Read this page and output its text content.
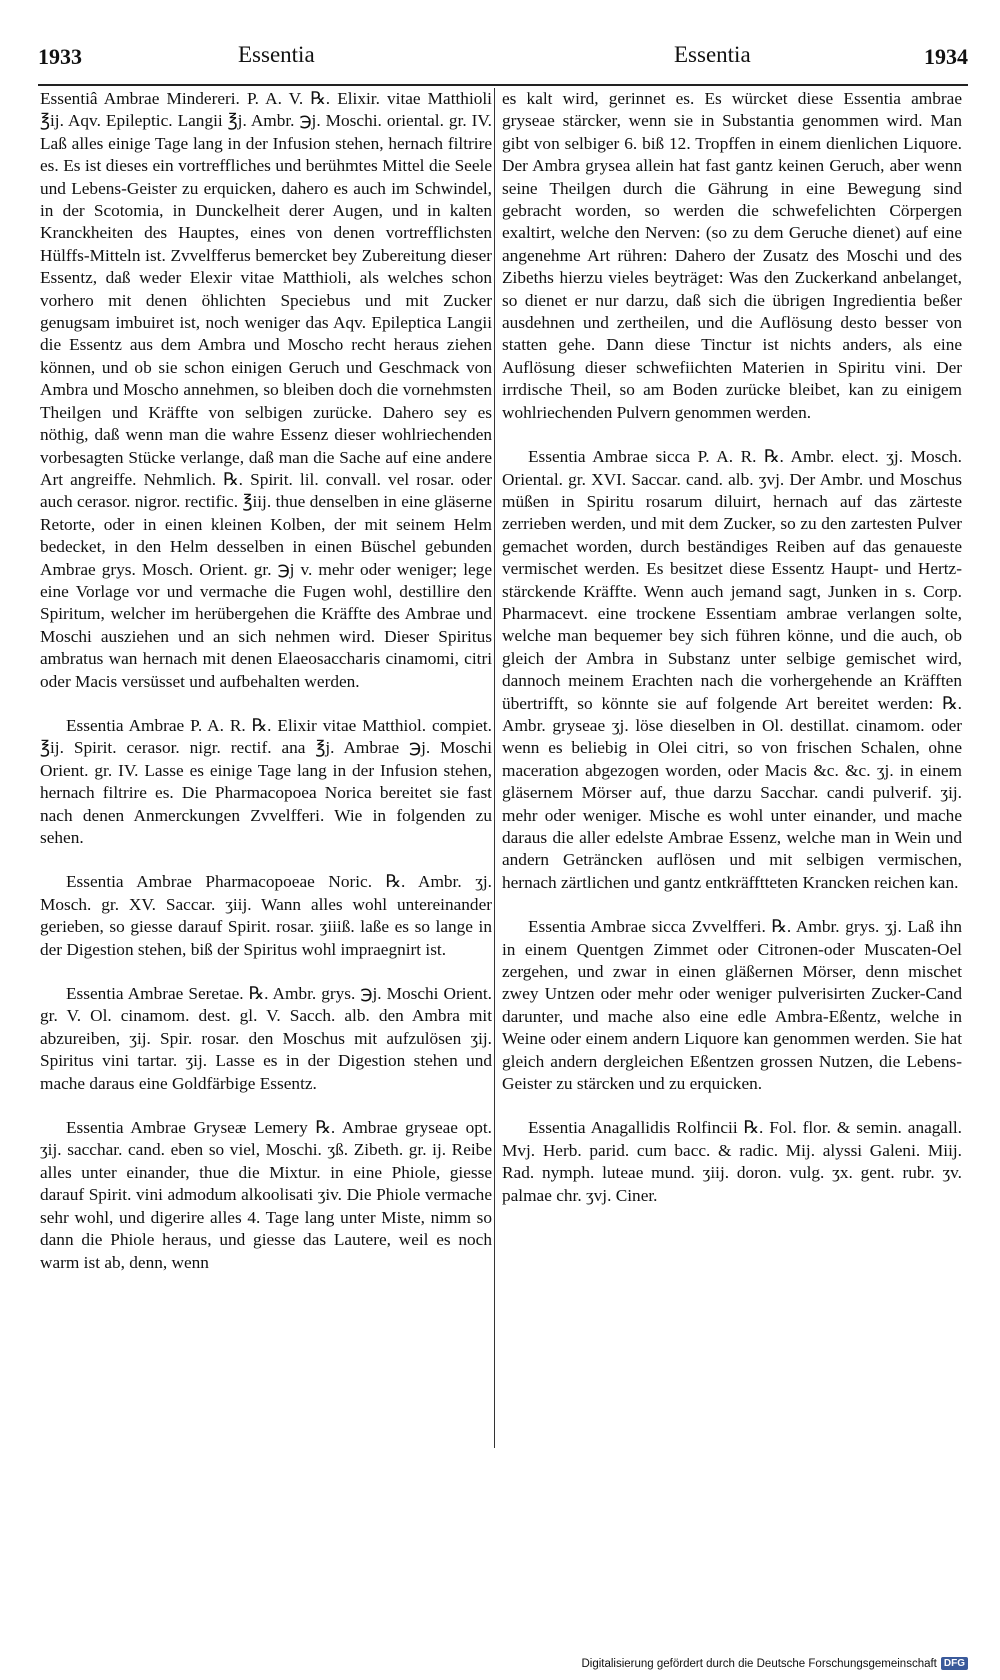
1933	Essentia	Essentia	1934

Essentiâ Ambrae Mindereri. P. A. V. ℞. Elixir. vitae Matthioli ℥ij. Aqv. Epileptic. Langii ℥j. Ambr. ℈j. Moschi. oriental. gr. IV. Laß alles einige Tage lang in der Infusion stehen, hernach filtrire es. Es ist dieses ein vortreffliches und berühmtes Mittel die Seele und Lebens-Geister zu erquicken, dahero es auch im Schwindel, in der Scotomia, in Dunckelheit derer Augen, und in kalten Kranckheiten des Hauptes, eines von denen vortrefflichsten Hülffs-Mitteln ist. Zvvelfferus bemercket bey Zubereitung dieser Essentz, daß weder Elexir vitae Matthioli, als welches schon vorhero mit denen öhlichten Speciebus und mit Zucker genugsam imbuiret ist, noch weniger das Aqv. Epileptica Langii die Essentz aus dem Ambra und Moscho recht heraus ziehen können, und ob sie schon einigen Geruch und Geschmack von Ambra und Moscho annehmen, so bleiben doch die vornehmsten Theilgen und Kräffte von selbigen zurücke. Dahero sey es nöthig, daß wenn man die wahre Essenz dieser wohlriechenden vorbesagten Stücke verlange, daß man die Sache auf eine andere Art angreiffe. Nehmlich. ℞. Spirit. lil. convall. vel rosar. oder auch cerasor. nigror. rectific. ℥iij. thue denselben in eine gläserne Retorte, oder in einen kleinen Kolben, der mit seinem Helm bedecket, in den Helm desselben in einen Büschel gebunden Ambrae grys. Mosch. Orient. gr. ℈j v. mehr oder weniger; lege eine Vorlage vor und vermache die Fugen wohl, destillire den Spiritum, welcher im herübergehen die Kräffte des Ambrae und Moschi ausziehen und an sich nehmen wird. Dieser Spiritus ambratus wan hernach mit denen Elaeosaccharis cinamomi, citri oder Macis versüsset und aufbehalten werden.

Essentia Ambrae P. A. R. ℞. Elixir vitae Matthiol. compiet. ℥ij. Spirit. cerasor. nigr. rectif. ana ℥j. Ambrae ℈j. Moschi Orient. gr. IV. Lasse es einige Tage lang in der Infusion stehen, hernach filtrire es. Die Pharmacopoea Norica bereitet sie fast nach denen Anmerckungen Zvvelfferi. Wie in folgenden zu sehen.

Essentia Ambrae Pharmacopoeae Noric. ℞. Ambr. ʒj. Mosch. gr. XV. Saccar. ʒiij. Wann alles wohl untereinander gerieben, so giesse darauf Spirit. rosar. ʒiiiß. laße es so lange in der Digestion stehen, biß der Spiritus wohl impraegnirt ist.

Essentia Ambrae Seretae. ℞. Ambr. grys. ℈j. Moschi Orient. gr. V. Ol. cinamom. dest. gl. V. Sacch. alb. den Ambra mit abzureiben, ʒij. Spir. rosar. den Moschus mit aufzulösen ʒij. Spiritus vini tartar. ʒij. Lasse es in der Digestion stehen und mache daraus eine Goldfärbige Essentz.

Essentia Ambrae Gryseæ Lemery ℞. Ambrae gryseae opt. ʒij. sacchar. cand. eben so viel, Moschi. ʒß. Zibeth. gr. ij. Reibe alles unter einander, thue die Mixtur. in eine Phiole, giesse darauf Spirit. vini admodum alkoolisati ʒiv. Die Phiole vermache sehr wohl, und digerire alles 4. Tage lang unter Miste, nimm so dann die Phiole heraus, und giesse das Lautere, weil es noch warm ist ab, denn, wenn

es kalt wird, gerinnet es. Es würcket diese Essentia ambrae gryseae stärcker, wenn sie in Substantia genommen wird. Man gibt von selbiger 6. biß 12. Tropffen in einem dienlichen Liquore. Der Ambra grysea allein hat fast gantz keinen Geruch, aber wenn seine Theilgen durch die Gährung in eine Bewegung sind gebracht worden, so werden die schwefelichten Cörpergen exaltirt, welche den Nerven: (so zu dem Geruche dienet) auf eine angenehme Art rühren: Dahero der Zusatz des Moschi und des Zibeths hierzu vieles beyträget: Was den Zuckerkand anbelanget, so dienet er nur darzu, daß sich die übrigen Ingredientia beßer ausdehnen und zertheilen, und die Auflösung desto besser von statten gehe. Dann diese Tinctur ist nichts anders, als eine Auflösung dieser schwefiichten Materien in Spiritu vini. Der irrdische Theil, so am Boden zurücke bleibet, kan zu einigem wohlriechenden Pulvern genommen werden.

Essentia Ambrae sicca P. A. R. ℞. Ambr. elect. ʒj. Mosch. Oriental. gr. XVI. Saccar. cand. alb. ʒvj. Der Ambr. und Moschus müßen in Spiritu rosarum diluirt, hernach auf das zärteste zerrieben werden, und mit dem Zucker, so zu den zartesten Pulver gemachet worden, durch beständiges Reiben auf das genaueste vermischet werden. Es besitzet diese Essentz Haupt- und Hertz-stärckende Kräffte. Wenn auch jemand sagt, Junken in s. Corp. Pharmacevt. eine trockene Essentiam ambrae verlangen solte, welche man bequemer bey sich führen könne, und die auch, ob gleich der Ambra in Substanz unter selbige gemischet wird, dannoch meinem Erachten nach die vorhergehende an Kräfften übertrifft, so könnte sie auf folgende Art bereitet werden: ℞. Ambr. gryseae ʒj. löse dieselben in Ol. destillat. cinamom. oder wenn es beliebig in Olei citri, so von frischen Schalen, ohne maceration abgezogen worden, oder Macis &c. &c. ʒj. in einem gläsernem Mörser auf, thue darzu Sacchar. candi pulverif. ʒij. mehr oder weniger. Mische es wohl unter einander, und mache daraus die aller edelste Ambrae Essenz, welche man in Wein und andern Geträncken auflösen und mit selbigen vermischen, hernach zärtlichen und gantz entkräfftteten Krancken reichen kan.

Essentia Ambrae sicca Zvvelfferi. ℞. Ambr. grys. ʒj. Laß ihn in einem Quentgen Zimmet oder Citronen-oder Muscaten-Oel zergehen, und zwar in einen gläßernen Mörser, denn mischet zwey Untzen oder mehr oder weniger pulverisirten Zucker-Cand darunter, und mache also eine edle Ambra-Eßentz, welche in Weine oder einem andern Liquore kan genommen werden. Sie hat gleich andern dergleichen Eßentzen grossen Nutzen, die Lebens-Geister zu stärcken und zu erquicken.

Essentia Anagallidis Rolfincii ℞. Fol. flor. & semin. anagall. Mvj. Herb. parid. cum bacc. & radic. Mij. alyssi Galeni. Miij. Rad. nymph. luteae mund. ʒiij. doron. vulg. ʒx. gent. rubr. ʒv. palmae chr. ʒvj. Ciner.

Digitalisierung gefördert durch die Deutsche Forschungsgemeinschaft DFG
